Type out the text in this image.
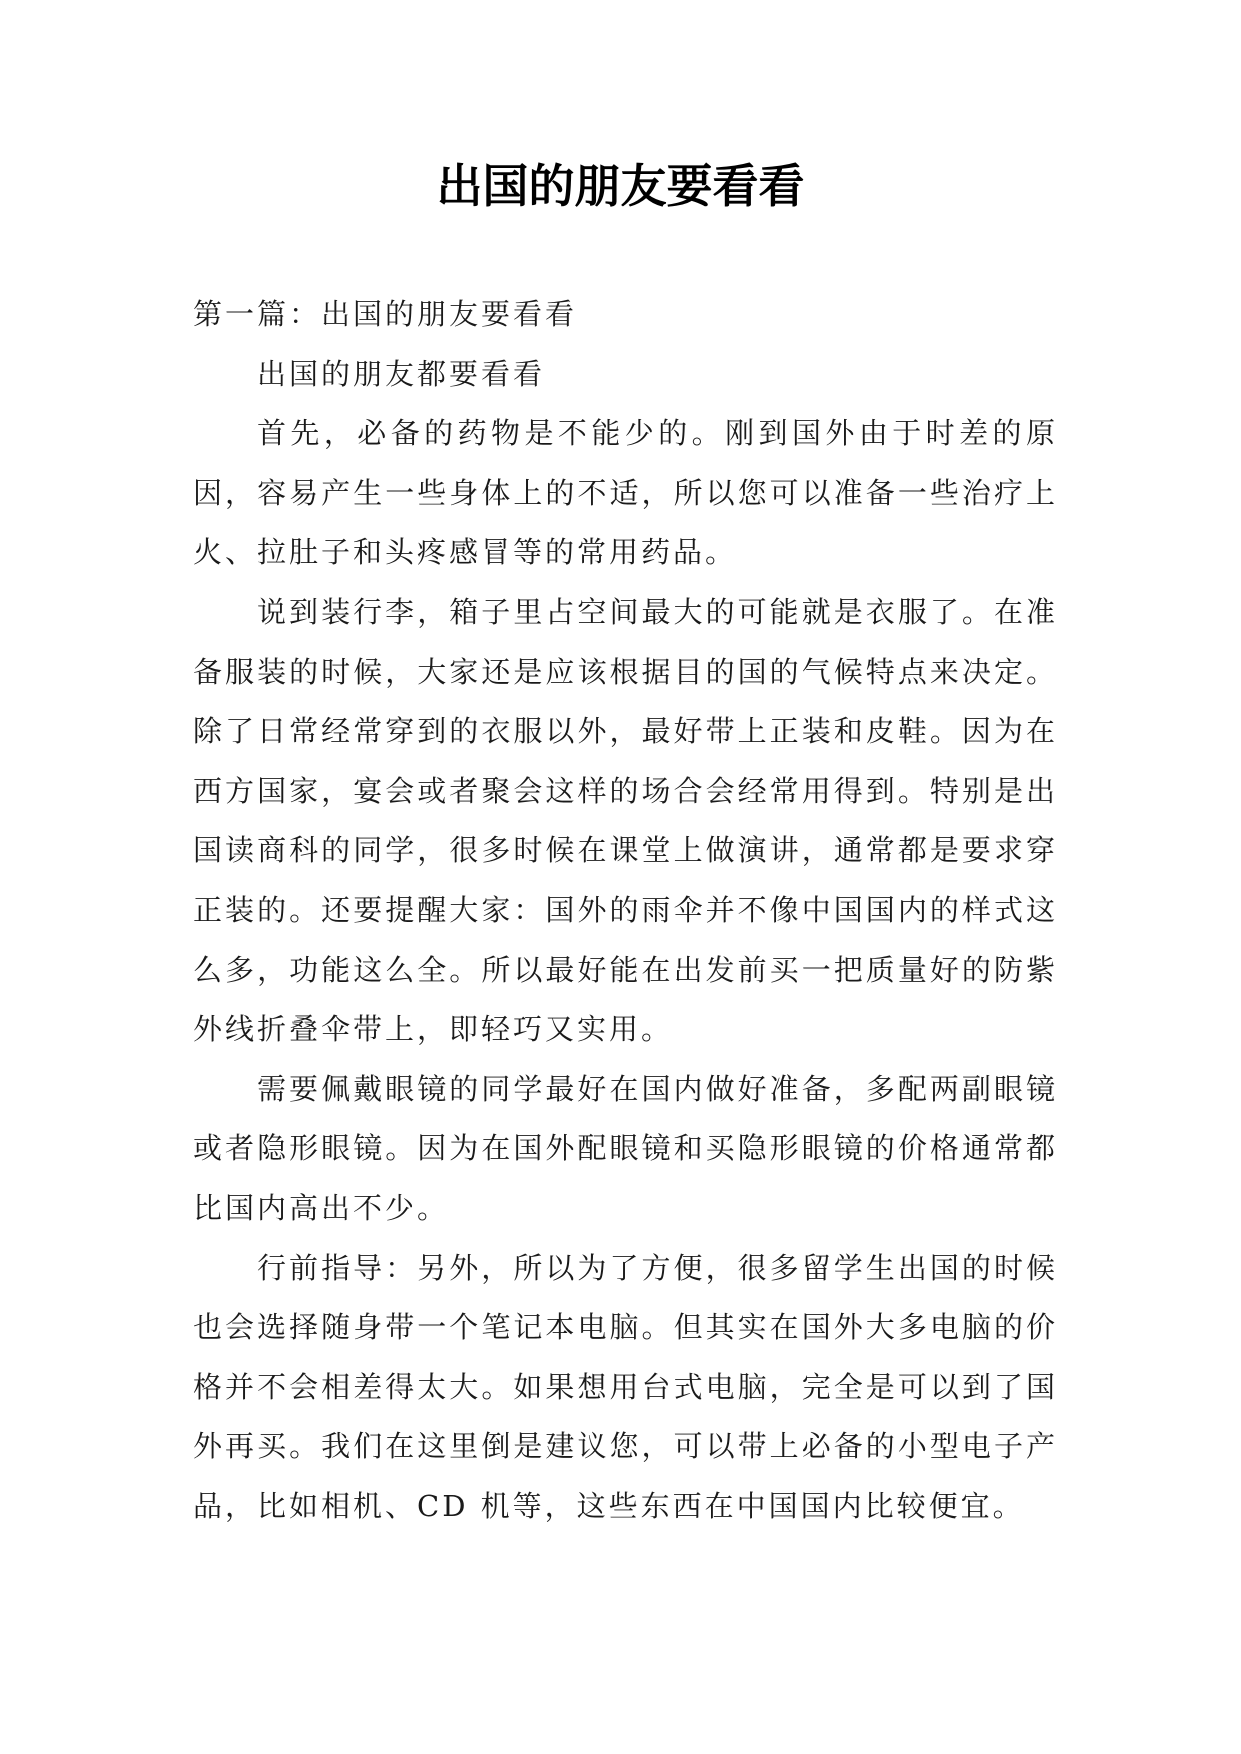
出国的朋友要看看

第一篇：出国的朋友要看看

出国的朋友都要看看

首先，必备的药物是不能少的。刚到国外由于时差的原因，容易产生一些身体上的不适，所以您可以准备一些治疗上火、拉肚子和头疼感冒等的常用药品。

说到装行李，箱子里占空间最大的可能就是衣服了。在准备服装的时候，大家还是应该根据目的国的气候特点来决定。除了日常经常穿到的衣服以外，最好带上正装和皮鞋。因为在西方国家，宴会或者聚会这样的场合会经常用得到。特别是出国读商科的同学，很多时候在课堂上做演讲，通常都是要求穿正装的。还要提醒大家：国外的雨伞并不像中国国内的样式这么多，功能这么全。所以最好能在出发前买一把质量好的防紫外线折叠伞带上，即轻巧又实用。

需要佩戴眼镜的同学最好在国内做好准备，多配两副眼镜或者隐形眼镜。因为在国外配眼镜和买隐形眼镜的价格通常都比国内高出不少。

行前指导：另外，所以为了方便，很多留学生出国的时候也会选择随身带一个笔记本电脑。但其实在国外大多电脑的价格并不会相差得太大。如果想用台式电脑，完全是可以到了国外再买。我们在这里倒是建议您，可以带上必备的小型电子产品，比如相机、CD 机等，这些东西在中国国内比较便宜。
